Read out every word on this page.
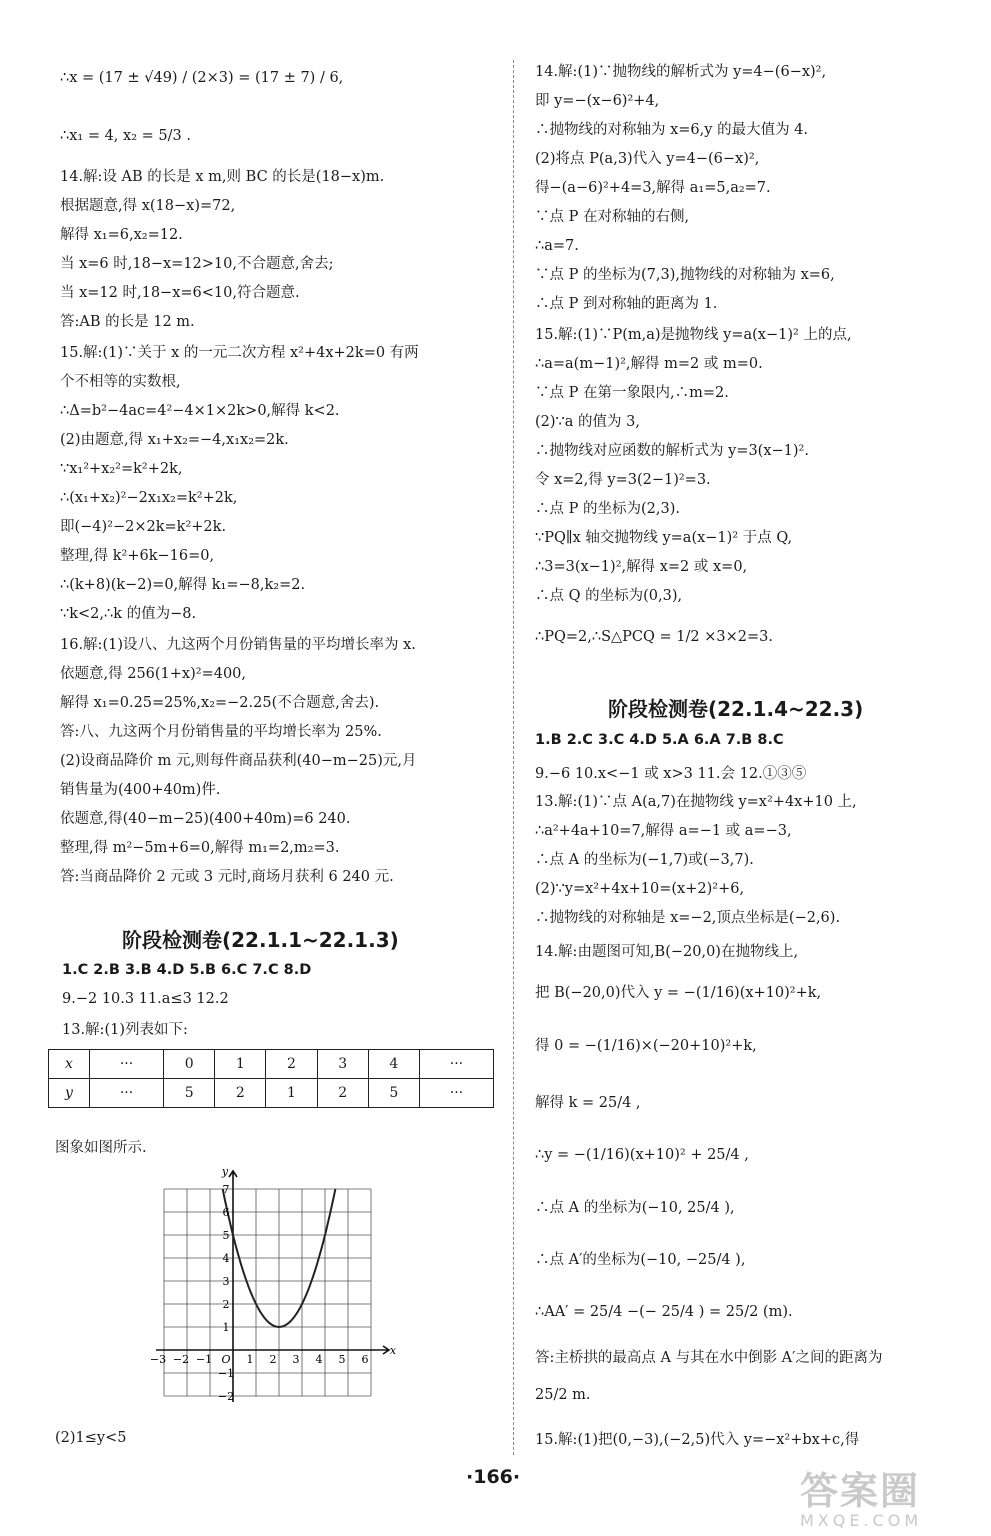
∴x = (17 ± √49) / (2×3) = (17 ± 7) / 6,
∴x₁ = 4, x₂ = 5/3 .
14.解:设 AB 的长是 x m,则 BC 的长是(18−x)m.
根据题意,得 x(18−x)=72,
解得 x₁=6,x₂=12.
当 x=6 时,18−x=12>10,不合题意,舍去;
当 x=12 时,18−x=6<10,符合题意.
答:AB 的长是 12 m.
15.解:(1)∵关于 x 的一元二次方程 x²+4x+2k=0 有两
个不相等的实数根,
∴Δ=b²−4ac=4²−4×1×2k>0,解得 k<2.
(2)由题意,得 x₁+x₂=−4,x₁x₂=2k.
∵x₁²+x₂²=k²+2k,
∴(x₁+x₂)²−2x₁x₂=k²+2k,
即(−4)²−2×2k=k²+2k.
整理,得 k²+6k−16=0,
∴(k+8)(k−2)=0,解得 k₁=−8,k₂=2.
∵k<2,∴k 的值为−8.
16.解:(1)设八、九这两个月份销售量的平均增长率为 x.
依题意,得 256(1+x)²=400,
解得 x₁=0.25=25%,x₂=−2.25(不合题意,舍去).
答:八、九这两个月份销售量的平均增长率为 25%.
(2)设商品降价 m 元,则每件商品获利(40−m−25)元,月
销售量为(400+40m)件.
依题意,得(40−m−25)(400+40m)=6 240.
整理,得 m²−5m+6=0,解得 m₁=2,m₂=3.
答:当商品降价 2 元或 3 元时,商场月获利 6 240 元.
阶段检测卷(22.1.1~22.1.3)
1.C 2.B 3.B 4.D 5.B 6.C 7.C 8.D
9.−2 10.3 11.a≤3 12.2
13.解:(1)列表如下:
x	···	0	1	2	3	4	···
y	···	5	2	1	2	5	···
图象如图所示.
−3 −2 −1	1 2 3 4 5 6
7
6
5
4
3
2
1
−1
−2
O
x
y
(2)1≤y<5
14.解:(1)∵抛物线的解析式为 y=4−(6−x)²,
即 y=−(x−6)²+4,
∴抛物线的对称轴为 x=6,y 的最大值为 4.
(2)将点 P(a,3)代入 y=4−(6−x)²,
得−(a−6)²+4=3,解得 a₁=5,a₂=7.
∵点 P 在对称轴的右侧,
∴a=7.
∵点 P 的坐标为(7,3),抛物线的对称轴为 x=6,
∴点 P 到对称轴的距离为 1.
15.解:(1)∵P(m,a)是抛物线 y=a(x−1)² 上的点,
∴a=a(m−1)²,解得 m=2 或 m=0.
∵点 P 在第一象限内,∴m=2.
(2)∵a 的值为 3,
∴抛物线对应函数的解析式为 y=3(x−1)².
令 x=2,得 y=3(2−1)²=3.
∴点 P 的坐标为(2,3).
∵PQ∥x 轴交抛物线 y=a(x−1)² 于点 Q,
∴3=3(x−1)²,解得 x=2 或 x=0,
∴点 Q 的坐标为(0,3),
∴PQ=2,∴S△PCQ = 1/2 ×3×2=3.
阶段检测卷(22.1.4~22.3)
1.B 2.C 3.C 4.D 5.A 6.A 7.B 8.C
9.−6 10.x<−1 或 x>3 11.会 12.①③⑤
13.解:(1)∵点 A(a,7)在抛物线 y=x²+4x+10 上,
∴a²+4a+10=7,解得 a=−1 或 a=−3,
∴点 A 的坐标为(−1,7)或(−3,7).
(2)∵y=x²+4x+10=(x+2)²+6,
∴抛物线的对称轴是 x=−2,顶点坐标是(−2,6).
14.解:由题图可知,B(−20,0)在抛物线上,
把 B(−20,0)代入 y = −(1/16)(x+10)²+k,
得 0 = −(1/16)×(−20+10)²+k,
解得 k = 25/4 ,
∴y = −(1/16)(x+10)² + 25/4 ,
∴点 A 的坐标为(−10, 25/4 ),
∴点 A′的坐标为(−10, −25/4 ),
∴AA′ = 25/4 −(− 25/4 ) = 25/2 (m).
答:主桥拱的最高点 A 与其在水中倒影 A′之间的距离为
25/2 m.
15.解:(1)把(0,−3),(−2,5)代入 y=−x²+bx+c,得
·166·	答案圈
MXQE.COM
